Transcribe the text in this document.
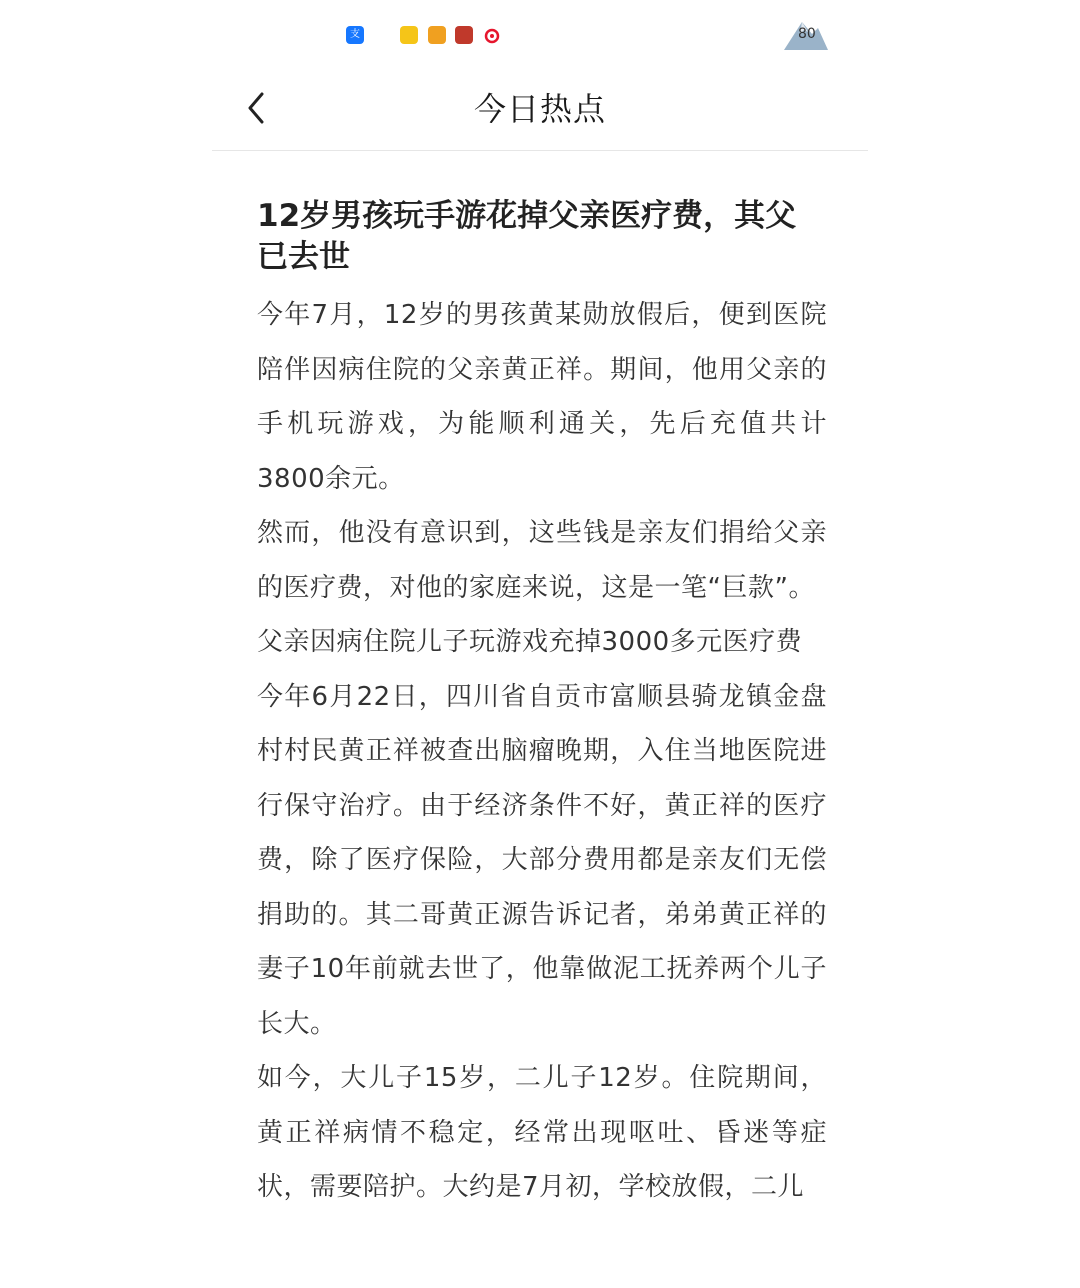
支	80
今日热点
12岁男孩玩手游花掉父亲医疗费，其父已去世

今年7月，12岁的男孩黄某勋放假后，便到医院陪伴因病住院的父亲黄正祥。期间，他用父亲的手机玩游戏，为能顺利通关，先后充值共计3800余元。

然而，他没有意识到，这些钱是亲友们捐给父亲的医疗费，对他的家庭来说，这是一笔“巨款”。

父亲因病住院儿子玩游戏充掉3000多元医疗费

今年6月22日，四川省自贡市富顺县骑龙镇金盘村村民黄正祥被查出脑瘤晚期，入住当地医院进行保守治疗。由于经济条件不好，黄正祥的医疗费，除了医疗保险，大部分费用都是亲友们无偿捐助的。其二哥黄正源告诉记者，弟弟黄正祥的妻子10年前就去世了，他靠做泥工抚养两个儿子长大。

如今，大儿子15岁，二儿子12岁。住院期间，黄正祥病情不稳定，经常出现呕吐、昏迷等症状，需要陪护。大约是7月初，学校放假，二儿
